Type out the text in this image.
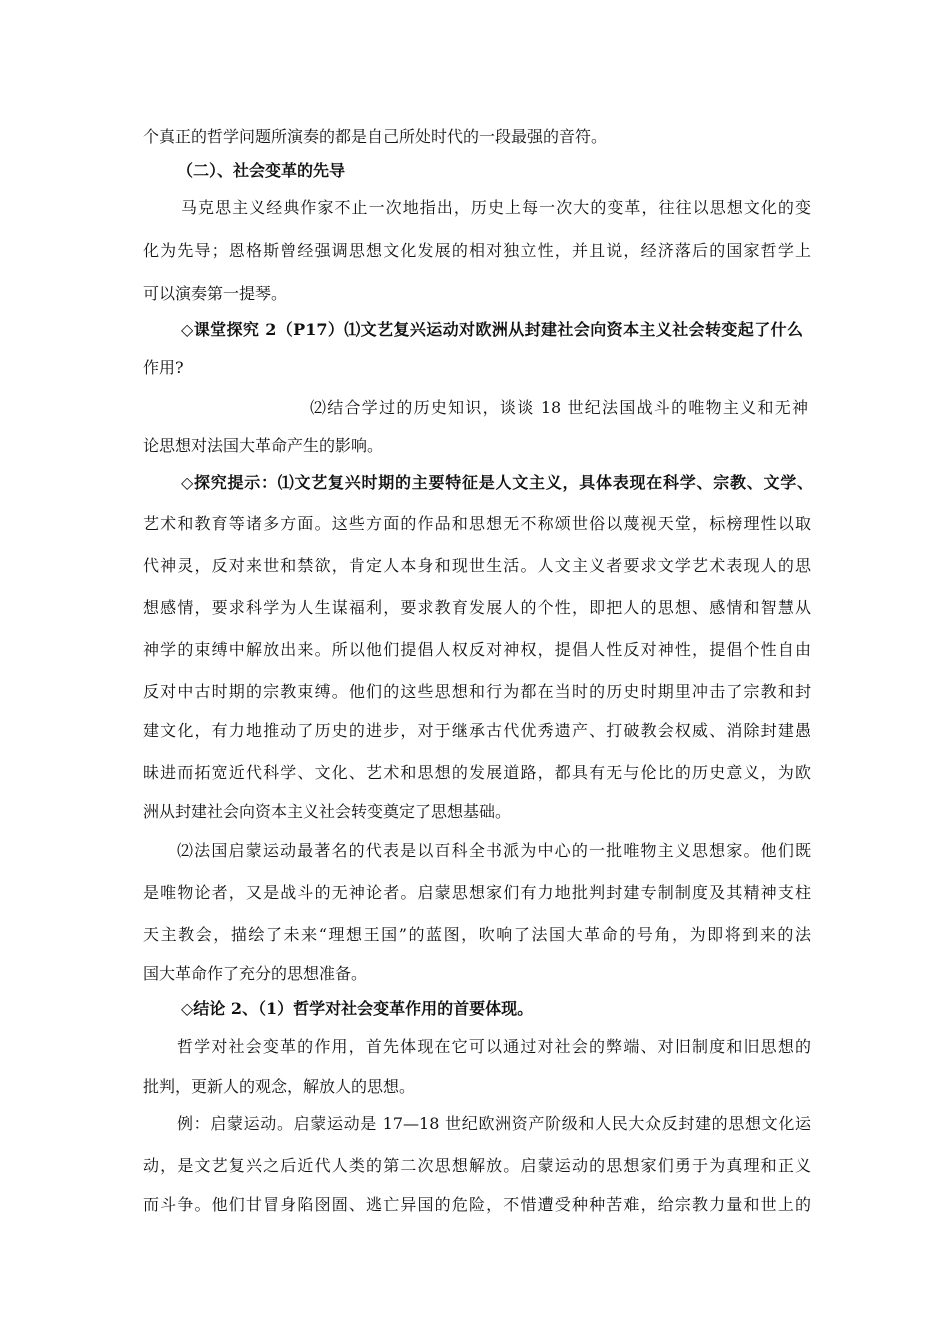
个真正的哲学问题所演奏的都是自己所处时代的一段最强的音符。
（二）、社会变革的先导
马克思主义经典作家不止一次地指出，历史上每一次大的变革，往往以思想文化的变
化为先导；恩格斯曾经强调思想文化发展的相对独立性，并且说，经济落后的国家哲学上
可以演奏第一提琴。
◇课堂探究 2（P17）⑴文艺复兴运动对欧洲从封建社会向资本主义社会转变起了什么
作用?
⑵结合学过的历史知识，谈谈 18 世纪法国战斗的唯物主义和无神
论思想对法国大革命产生的影响。
◇探究提示：⑴文艺复兴时期的主要特征是人文主义，具体表现在科学、宗教、文学、
艺术和教育等诸多方面。这些方面的作品和思想无不称颂世俗以蔑视天堂，标榜理性以取
代神灵，反对来世和禁欲，肯定人本身和现世生活。人文主义者要求文学艺术表现人的思
想感情，要求科学为人生谋福利，要求教育发展人的个性，即把人的思想、感情和智慧从
神学的束缚中解放出来。所以他们提倡人权反对神权，提倡人性反对神性，提倡个性自由
反对中古时期的宗教束缚。他们的这些思想和行为都在当时的历史时期里冲击了宗教和封
建文化，有力地推动了历史的进步，对于继承古代优秀遗产、打破教会权威、消除封建愚
昧进而拓宽近代科学、文化、艺术和思想的发展道路，都具有无与伦比的历史意义，为欧
洲从封建社会向资本主义社会转变奠定了思想基础。
⑵法国启蒙运动最著名的代表是以百科全书派为中心的一批唯物主义思想家。他们既
是唯物论者，又是战斗的无神论者。启蒙思想家们有力地批判封建专制制度及其精神支柱
天主教会，描绘了未来“理想王国”的蓝图，吹响了法国大革命的号角，为即将到来的法
国大革命作了充分的思想准备。
◇结论 2、（1）哲学对社会变革作用的首要体现。
哲学对社会变革的作用，首先体现在它可以通过对社会的弊端、对旧制度和旧思想的
批判，更新人的观念，解放人的思想。
例：启蒙运动。启蒙运动是 17—18 世纪欧洲资产阶级和人民大众反封建的思想文化运
动，是文艺复兴之后近代人类的第二次思想解放。启蒙运动的思想家们勇于为真理和正义
而斗争。他们甘冒身陷囹圄、逃亡异国的危险，不惜遭受种种苦难，给宗教力量和世上的
